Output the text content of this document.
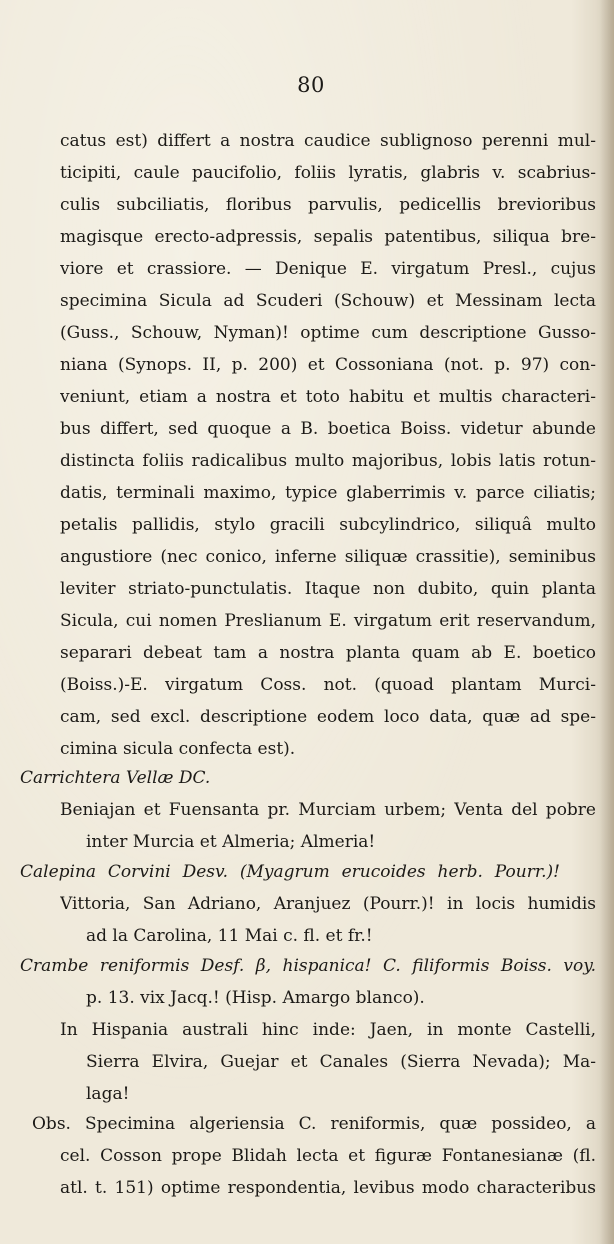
80
catus est) differt a nostra caudice sublignoso perenni mul-
ticipiti, caule paucifolio, foliis lyratis, glabris v. scabrius-
culis subciliatis, floribus parvulis, pedicellis brevioribus
magisque erecto-adpressis, sepalis patentibus, siliqua bre-
viore et crassiore. — Denique E. virgatum Presl., cujus
specimina Sicula ad Scuderi (Schouw) et Messinam lecta
(Guss., Schouw, Nyman)! optime cum descriptione Gusso-
niana (Synops. II, p. 200) et Cossoniana (not. p. 97) con-
veniunt, etiam a nostra et toto habitu et multis characteri-
bus differt, sed quoque a B. boetica Boiss. videtur abunde
distincta foliis radicalibus multo majoribus, lobis latis rotun-
datis, terminali maximo, typice glaberrimis v. parce ciliatis;
petalis pallidis, stylo gracili subcylindrico, siliquâ multo
angustiore (nec conico, inferne siliquæ crassitie), seminibus
leviter striato-punctulatis. Itaque non dubito, quin planta
Sicula, cui nomen Preslianum E. virgatum erit reservandum,
separari debeat tam a nostra planta quam ab E. boetico
(Boiss.)-E. virgatum Coss. not. (quoad plantam Murci-
cam, sed excl. descriptione eodem loco data, quæ ad spe-
cimina sicula confecta est).
Carrichtera Vellæ DC.
Beniajan et Fuensanta pr. Murciam urbem; Venta del pobre
inter Murcia et Almeria; Almeria!
Calepina Corvini Desv. (Myagrum erucoides herb. Pourr.)!
Vittoria, San Adriano, Aranjuez (Pourr.)! in locis humidis
ad la Carolina, 11 Mai c. fl. et fr.!
Crambe reniformis Desf. β, hispanica! C. filiformis Boiss. voy.
p. 13. vix Jacq.! (Hisp. Amargo blanco).
In Hispania australi hinc inde: Jaen, in monte Castelli,
Sierra Elvira, Guejar et Canales (Sierra Nevada); Ma-
laga!
Obs. Specimina algeriensia C. reniformis, quæ possideo, a
cel. Cosson prope Blidah lecta et figuræ Fontanesianæ (fl.
atl. t. 151) optime respondentia, levibus modo characteribus
